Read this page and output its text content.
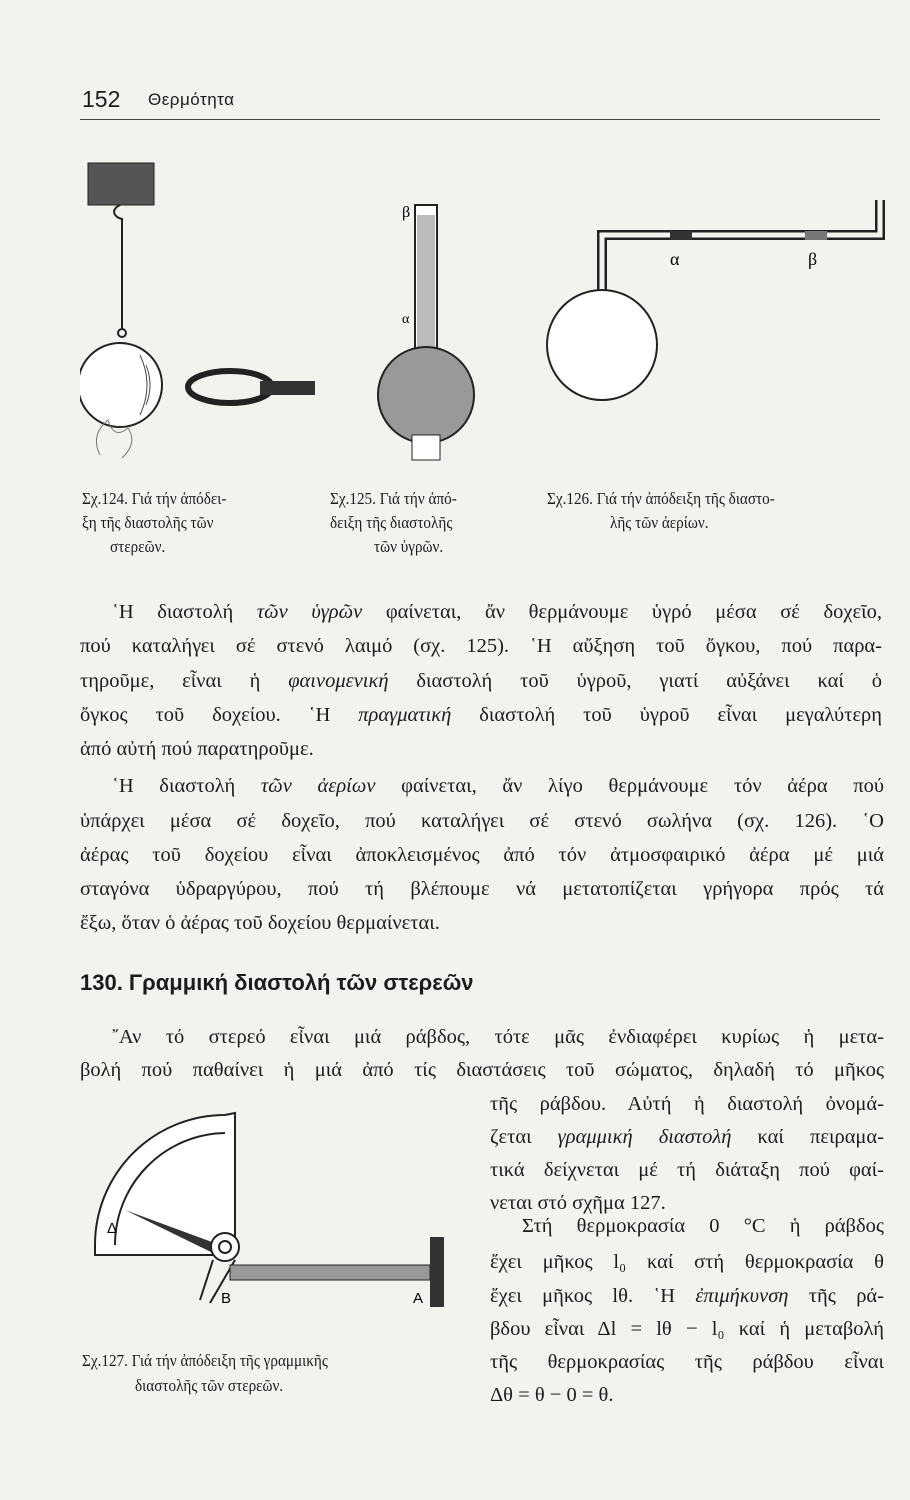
152 Θερμότητα
β
α
α	β
Σχ.124. Γιά τήν ἀπόδει-
ξη τῆς διαστολῆς τῶν
στερεῶν.
Σχ.125. Γιά τήν ἀπό-
δειξη τῆς διαστολῆς
τῶν ὑγρῶν.
Σχ.126. Γιά τήν ἀπόδειξη τῆς διαστο-
λῆς τῶν ἀερίων.
῾Η διαστολή τῶν ὑγρῶν φαίνεται, ἄν θερμάνουμε ὑγρό μέσα σέ δοχεῖο,
πού καταλήγει σέ στενό λαιμό (σχ. 125). ῾Η αὔξηση τοῦ ὄγκου, πού παρα-
τηροῦμε, εἶναι ἡ φαινομενική διαστολή τοῦ ὑγροῦ, γιατί αὐξάνει καί ὁ
ὄγκος τοῦ δοχείου. ῾Η πραγματική διαστολή τοῦ ὑγροῦ εἶναι μεγαλύτερη
ἀπό αὐτή πού παρατηροῦμε.
῾Η διαστολή τῶν ἀερίων φαίνεται, ἄν λίγο θερμάνουμε τόν ἀέρα πού
ὑπάρχει μέσα σέ δοχεῖο, πού καταλήγει σέ στενό σωλήνα (σχ. 126). ῾Ο
ἀέρας τοῦ δοχείου εἶναι ἀποκλεισμένος ἀπό τόν ἀτμοσφαιρικό ἀέρα μέ μιά
σταγόνα ὑδραργύρου, πού τή βλέπουμε νά μετατοπίζεται γρήγορα πρός τά
ἔξω, ὅταν ὁ ἀέρας τοῦ δοχείου θερμαίνεται.
130. Γραμμική διαστολή τῶν στερεῶν
῎Αν τό στερεό εἶναι μιά ράβδος, τότε μᾶς ἐνδιαφέρει κυρίως ἡ μετα-
βολή πού παθαίνει ἡ μιά ἀπό τίς διαστάσεις τοῦ σώματος, δηλαδή τό μῆκος
τῆς ράβδου. Αὐτή ἡ διαστολή ὀνομά-
ζεται γραμμική διαστολή καί πειραμα-
τικά δείχνεται μέ τή διάταξη πού φαί-
νεται στό σχῆμα 127.
Δ
B	A
Σχ.127. Γιά τήν ἀπόδειξη τῆς γραμμικῆς
διαστολῆς τῶν στερεῶν.
Στή θερμοκρασία 0 °C ἡ ράβδος
ἔχει μῆκος l₀ καί στή θερμοκρασία θ
ἔχει μῆκος lθ. ῾Η ἐπιμήκυνση τῆς ρά-
βδου εἶναι Δl = lθ − l₀ καί ἡ μεταβολή
τῆς θερμοκρασίας τῆς ράβδου εἶναι
Δθ = θ − 0 = θ.
